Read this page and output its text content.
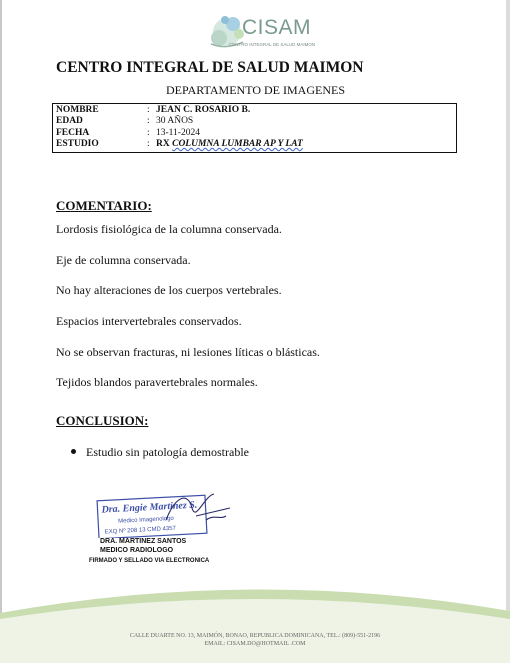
CISAM
CENTRO INTEGRAL DE SALUD MAIMON
CENTRO INTEGRAL DE SALUD MAIMON
DEPARTAMENTO DE IMAGENES
NOMBRE	: JEAN C. ROSARIO B.
EDAD	: 30 AÑOS
FECHA	: 13-11-2024
ESTUDIO	: RX COLUMNA LUMBAR AP Y LAT
COMENTARIO:
Lordosis fisiológica de la columna conservada.
Eje de columna conservada.
No hay alteraciones de los cuerpos vertebrales.
Espacios intervertebrales conservados.
No se observan fracturas, ni lesiones líticas o blásticas.
Tejidos blandos paravertebrales normales.
CONCLUSION:
Estudio sin patología demostrable
Dra. Engie Martinez S.
Medico Imagenologo
EXQ Nº 208 13 CMD 4357
DRA. MARTINEZ SANTOS
MEDICO RADIOLOGO
FIRMADO Y SELLADO VIA ELECTRONICA
CALLE DUARTE NO. 13, MAIMÓN, BONAO, REPUBLICA DOMINICANA, TEL.: (809)-551-2196
EMAIL: CISAM.DO@HOTMAIL .COM
